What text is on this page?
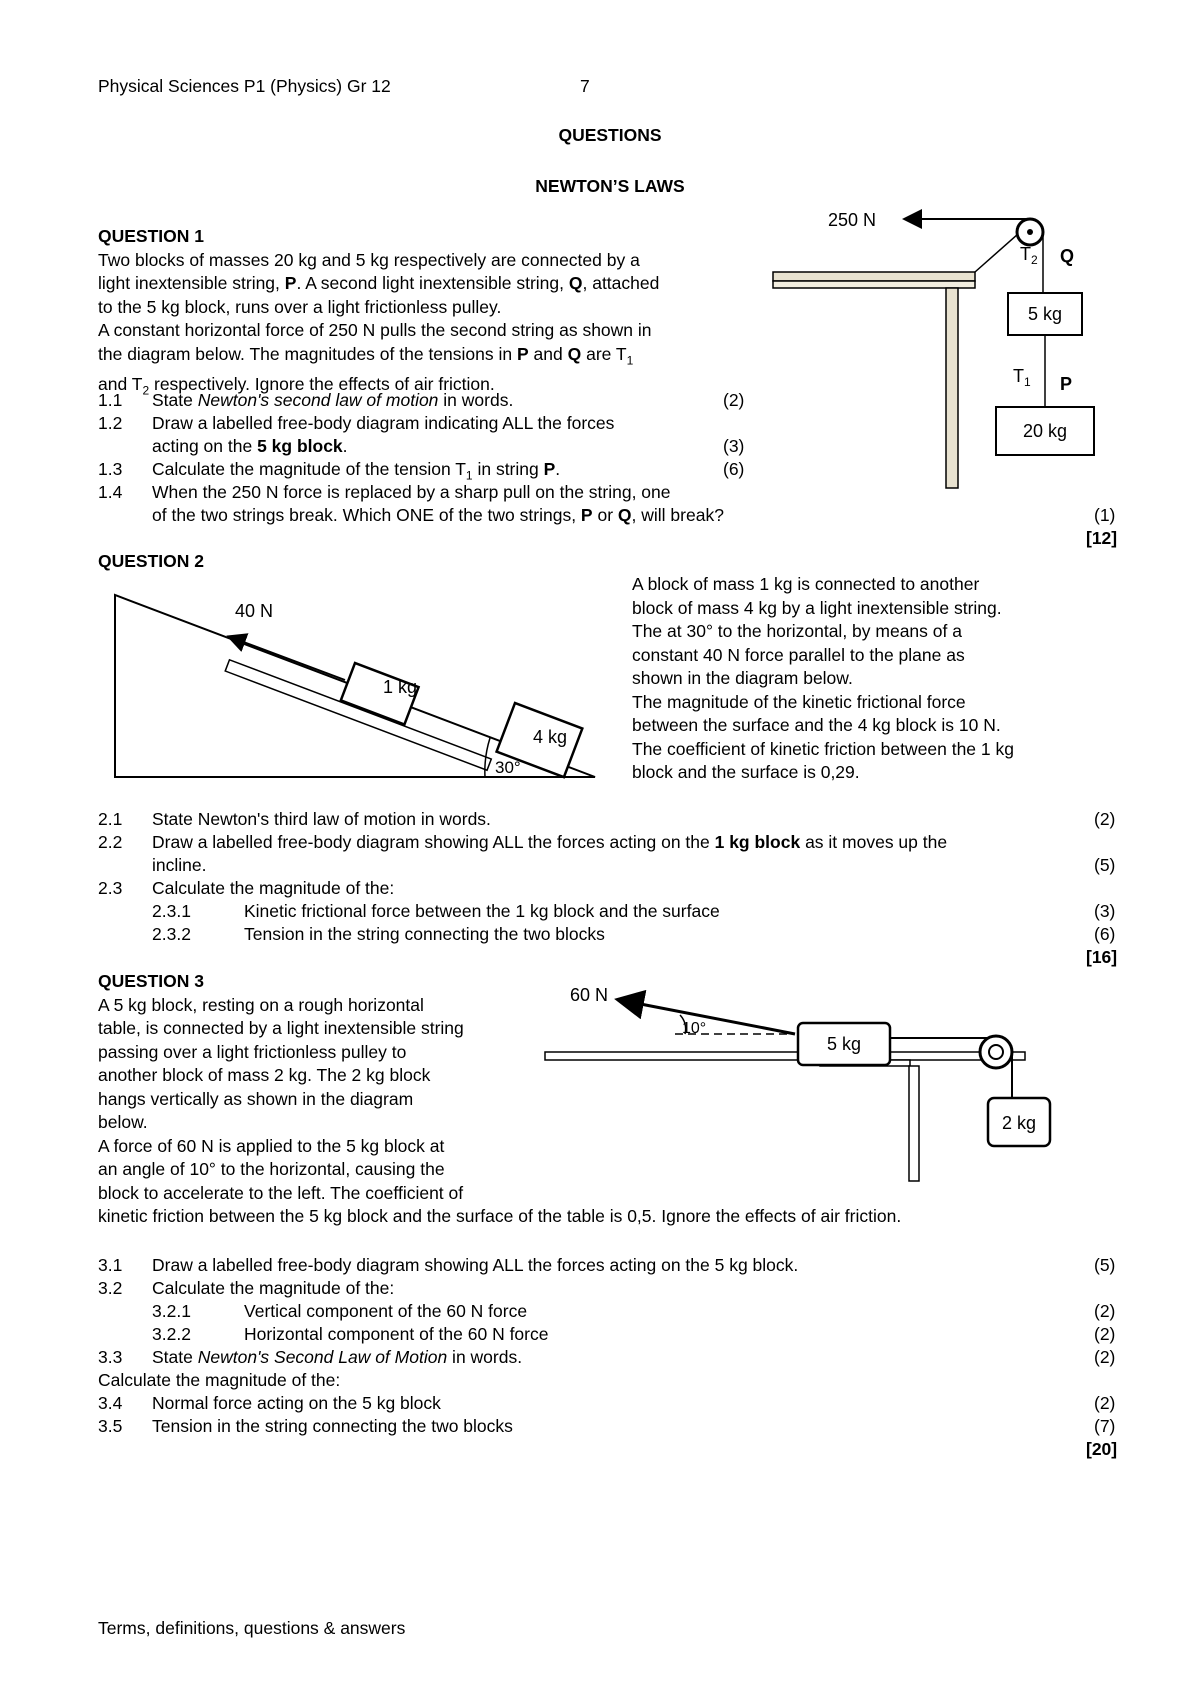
Physical Sciences P1 (Physics) Gr 12	7
QUESTIONS
NEWTON’S LAWS
QUESTION 1
Two blocks of masses 20 kg and 5 kg respectively are connected by a
light inextensible string, P. A second light inextensible string, Q, attached
to the 5 kg block, runs over a light frictionless pulley.
A constant horizontal force of 250 N pulls the second string as shown in
the diagram below. The magnitudes of the tensions in P and Q are $T_1$
and $T_2$ respectively. Ignore the effects of air friction.
1.1 State Newton's second law of motion in words.	(2)
1.2 Draw a labelled free-body diagram indicating ALL the forces
acting on the 5 kg block.	(3)
1.3 Calculate the magnitude of the tension $T_1$ in string P.	(6)
1.4 When the 250 N force is replaced by a sharp pull on the string, one
of the two strings break. Which ONE of the two strings, P or Q, will break?	(1)
[12]
250 N
$T_2$ Q
5 kg
$T_1$ P
20 kg
QUESTION 2
40 N
1 kg
4 kg
30°
A block of mass 1 kg is connected to another
block of mass 4 kg by a light inextensible string.
The at 30° to the horizontal, by means of a
constant 40 N force parallel to the plane as
shown in the diagram below.
The magnitude of the kinetic frictional force
between the surface and the 4 kg block is 10 N.
The coefficient of kinetic friction between the 1 kg
block and the surface is 0,29.
2.1 State Newton's third law of motion in words.	(2)
2.2 Draw a labelled free-body diagram showing ALL the forces acting on the 1 kg block as it moves up the
incline.	(5)
2.3 Calculate the magnitude of the:
2.3.1	Kinetic frictional force between the 1 kg block and the surface	(3)
2.3.2	Tension in the string connecting the two blocks	(6)
[16]
QUESTION 3
A 5 kg block, resting on a rough horizontal
table, is connected by a light inextensible string
passing over a light frictionless pulley to
another block of mass 2 kg. The 2 kg block
hangs vertically as shown in the diagram
below.
A force of 60 N is applied to the 5 kg block at
an angle of 10° to the horizontal, causing the
block to accelerate to the left. The coefficient of
kinetic friction between the 5 kg block and the surface of the table is 0,5. Ignore the effects of air friction.
60 N
10°
5 kg
2 kg
3.1 Draw a labelled free-body diagram showing ALL the forces acting on the 5 kg block.	(5)
3.2 Calculate the magnitude of the:
3.2.1	Vertical component of the 60 N force	(2)
3.2.2	Horizontal component of the 60 N force	(2)
3.3 State Newton's Second Law of Motion in words.	(2)
Calculate the magnitude of the:
3.4 Normal force acting on the 5 kg block	(2)
3.5 Tension in the string connecting the two blocks	(7)
[20]
Terms, definitions, questions & answers
